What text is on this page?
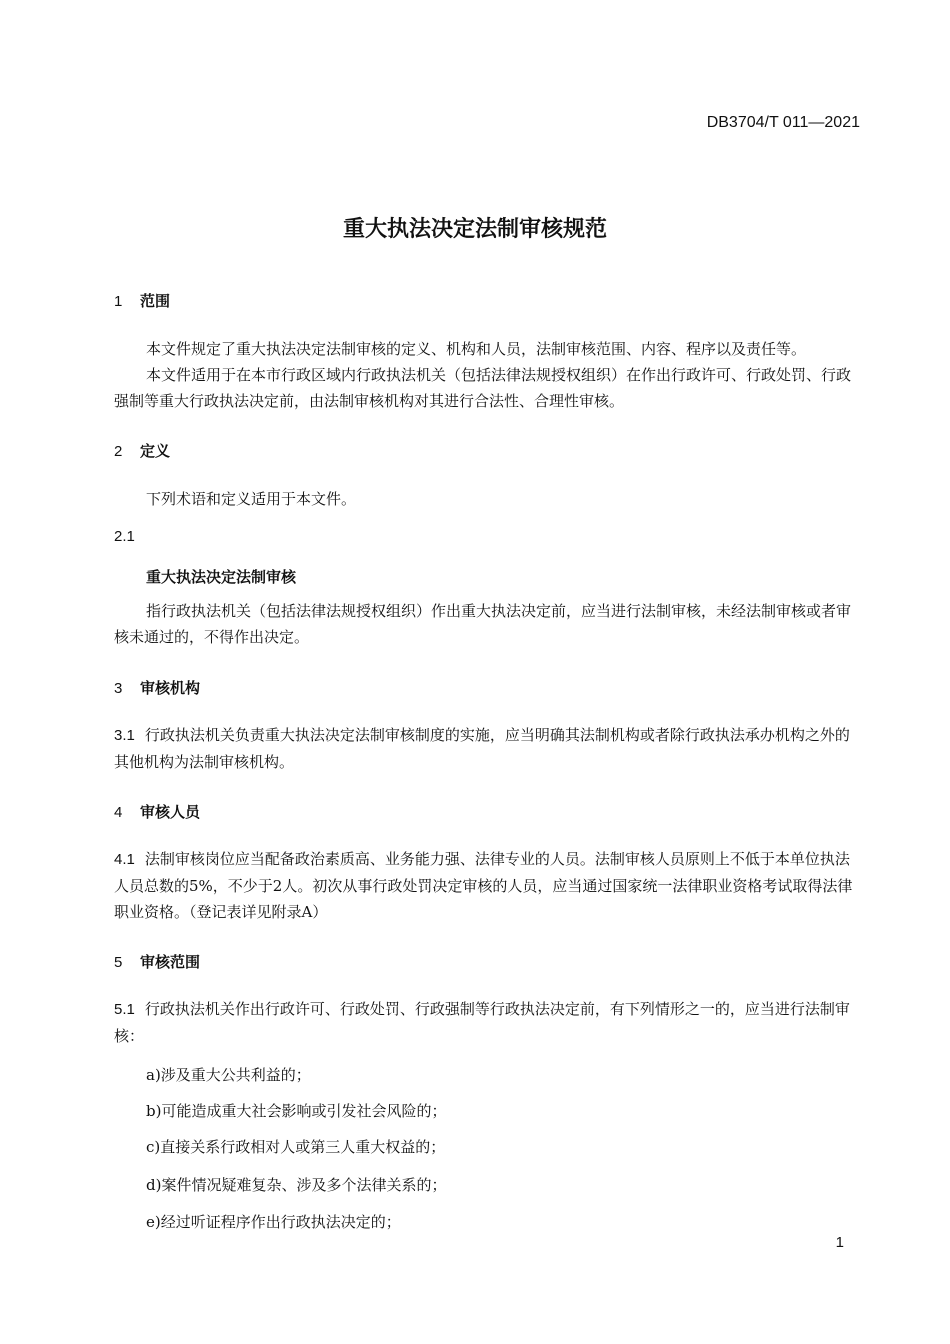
DB3704/T 011—2021
重大执法决定法制审核规范
1 范围
本文件规定了重大执法决定法制审核的定义、机构和人员，法制审核范围、内容、程序以及责任等。
本文件适用于在本市行政区域内行政执法机关（包括法律法规授权组织）在作出行政许可、行政处罚、行政强制等重大行政执法决定前，由法制审核机构对其进行合法性、合理性审核。
2 定义
下列术语和定义适用于本文件。
2.1
重大执法决定法制审核
指行政执法机关（包括法律法规授权组织）作出重大执法决定前，应当进行法制审核，未经法制审核或者审核未通过的，不得作出决定。
3 审核机构
3.1 行政执法机关负责重大执法决定法制审核制度的实施，应当明确其法制机构或者除行政执法承办机构之外的其他机构为法制审核机构。
4 审核人员
4.1 法制审核岗位应当配备政治素质高、业务能力强、法律专业的人员。法制审核人员原则上不低于本单位执法人员总数的5%，不少于2人。初次从事行政处罚决定审核的人员，应当通过国家统一法律职业资格考试取得法律职业资格。（登记表详见附录A）
5 审核范围
5.1 行政执法机关作出行政许可、行政处罚、行政强制等行政执法决定前，有下列情形之一的，应当进行法制审核：
a)涉及重大公共利益的；
b)可能造成重大社会影响或引发社会风险的；
c)直接关系行政相对人或第三人重大权益的；
d)案件情况疑难复杂、涉及多个法律关系的；
e)经过听证程序作出行政执法决定的；
1
